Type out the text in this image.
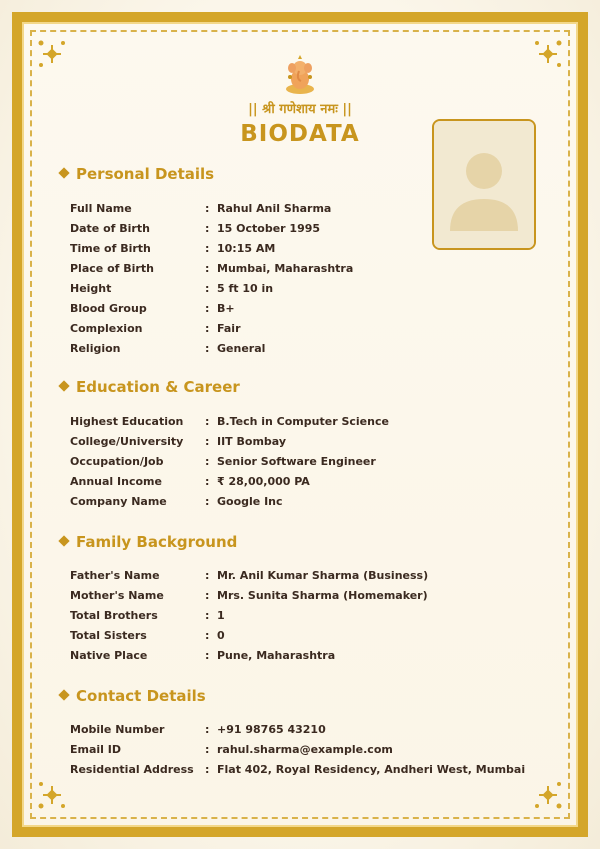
|| श्री गणेशाय नमः ||
BIODATA
Personal Details
Full Name	: Rahul Anil Sharma
Date of Birth	: 15 October 1995
Time of Birth	: 10:15 AM
Place of Birth	: Mumbai, Maharashtra
Height	: 5 ft 10 in
Blood Group	: B+
Complexion	: Fair
Religion	: General
Education & Career
Highest Education	: B.Tech in Computer Science
College/University	: IIT Bombay
Occupation/Job	: Senior Software Engineer
Annual Income	: ₹ 28,00,000 PA
Company Name	: Google Inc
Family Background
Father's Name	: Mr. Anil Kumar Sharma (Business)
Mother's Name	: Mrs. Sunita Sharma (Homemaker)
Total Brothers	: 1
Total Sisters	: 0
Native Place	: Pune, Maharashtra
Contact Details
Mobile Number	: +91 98765 43210
Email ID	: rahul.sharma@example.com
Residential Address	: Flat 402, Royal Residency, Andheri West, Mumbai
